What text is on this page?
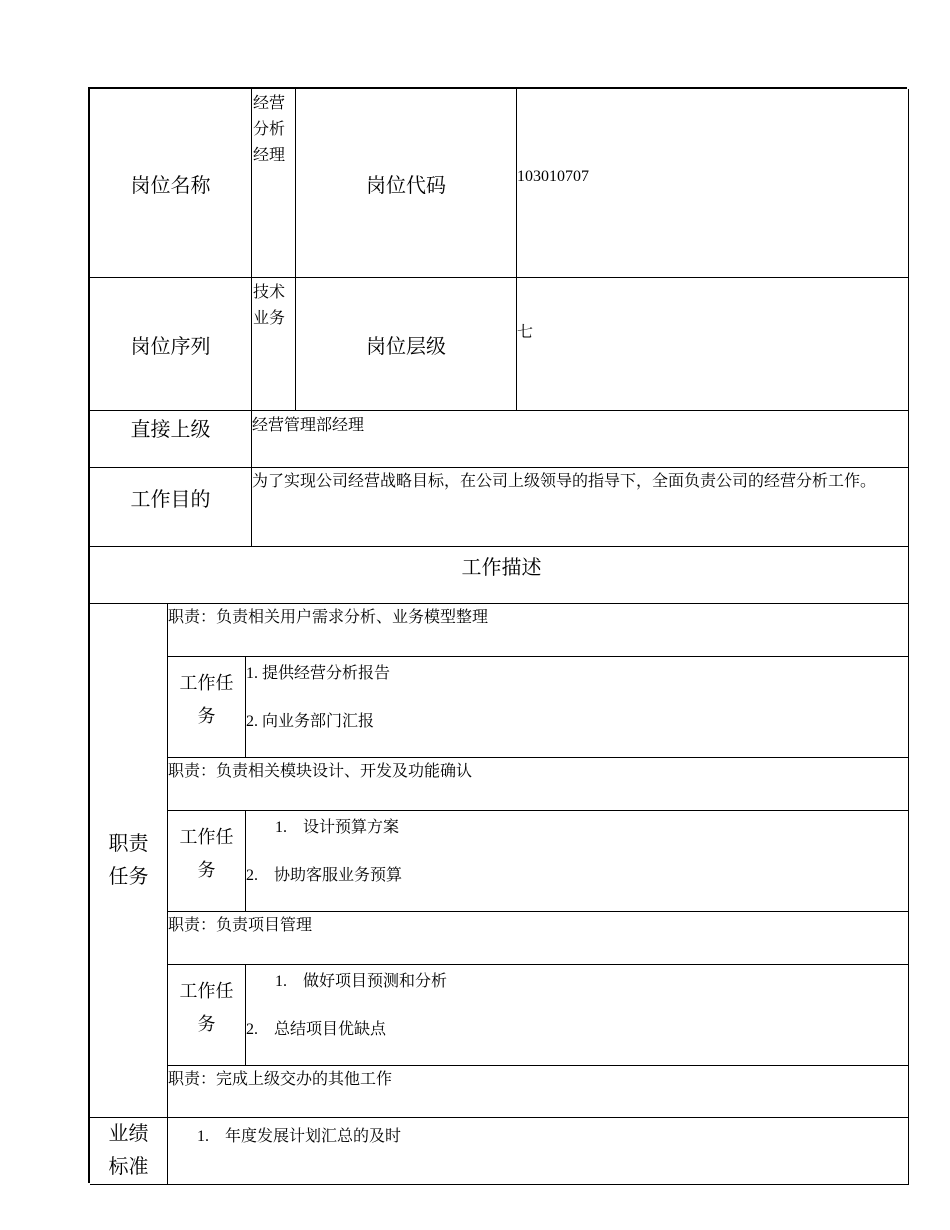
岗位名称
经营分析经理
岗位代码	103010707
岗位序列
技术业务
岗位层级
七
直接上级	经营管理部经理
工作目的
为了实现公司经营战略目标，在公司上级领导的指导下，全面负责公司的经营分析工作。
工作描述
职责任务
职责：负责相关用户需求分析、业务模型整理
工作任务
1. 提供经营分析报告
2. 向业务部门汇报
职责：负责相关模块设计、开发及功能确认
工作任务
1.    设计预算方案
2.    协助客服业务预算
职责：负责项目管理
工作任务
1.    做好项目预测和分析
2.    总结项目优缺点
职责：完成上级交办的其他工作
业绩标准
1.    年度发展计划汇总的及时
